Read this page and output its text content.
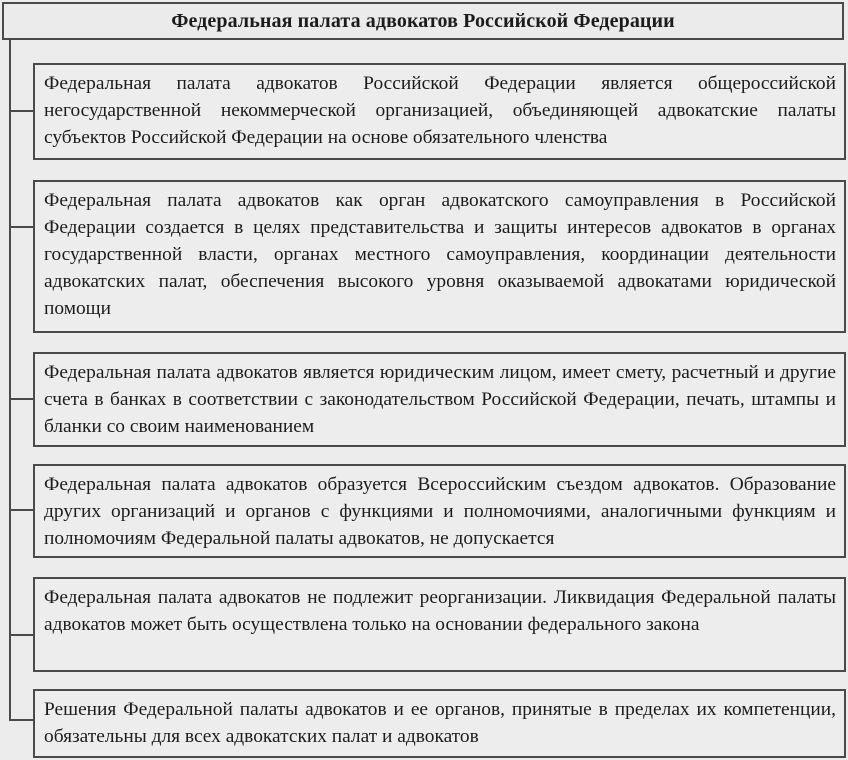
Федеральная палата адвокатов Российской Федерации
Федеральная палата адвокатов Российской Федерации является общероссийской негосударственной некоммерческой организацией, объединяющей адвокатские палаты субъектов Российской Федерации на основе обязательного членства
Федеральная палата адвокатов как орган адвокатского самоуправления в Российской Федерации создается в целях представительства и защиты интересов адвокатов в органах государственной власти, органах местного самоуправления, координации деятельности адвокатских палат, обеспечения высокого уровня оказываемой адвокатами юридической помощи
Федеральная палата адвокатов является юридическим лицом, имеет смету, расчетный и другие счета в банках в соответствии с законодательством Российской Федерации, печать, штампы и бланки со своим наименованием
Федеральная палата адвокатов образуется Всероссийским съездом адвокатов. Образование других организаций и органов с функциями и полномочиями, аналогичными функциям и полномочиям Федеральной палаты адвокатов, не допускается
Федеральная палата адвокатов не подлежит реорганизации. Ликвидация Федеральной палаты адвокатов может быть осуществлена только на основании федерального закона
Решения Федеральной палаты адвокатов и ее органов, принятые в пределах их компетенции, обязательны для всех адвокатских палат и адвокатов
